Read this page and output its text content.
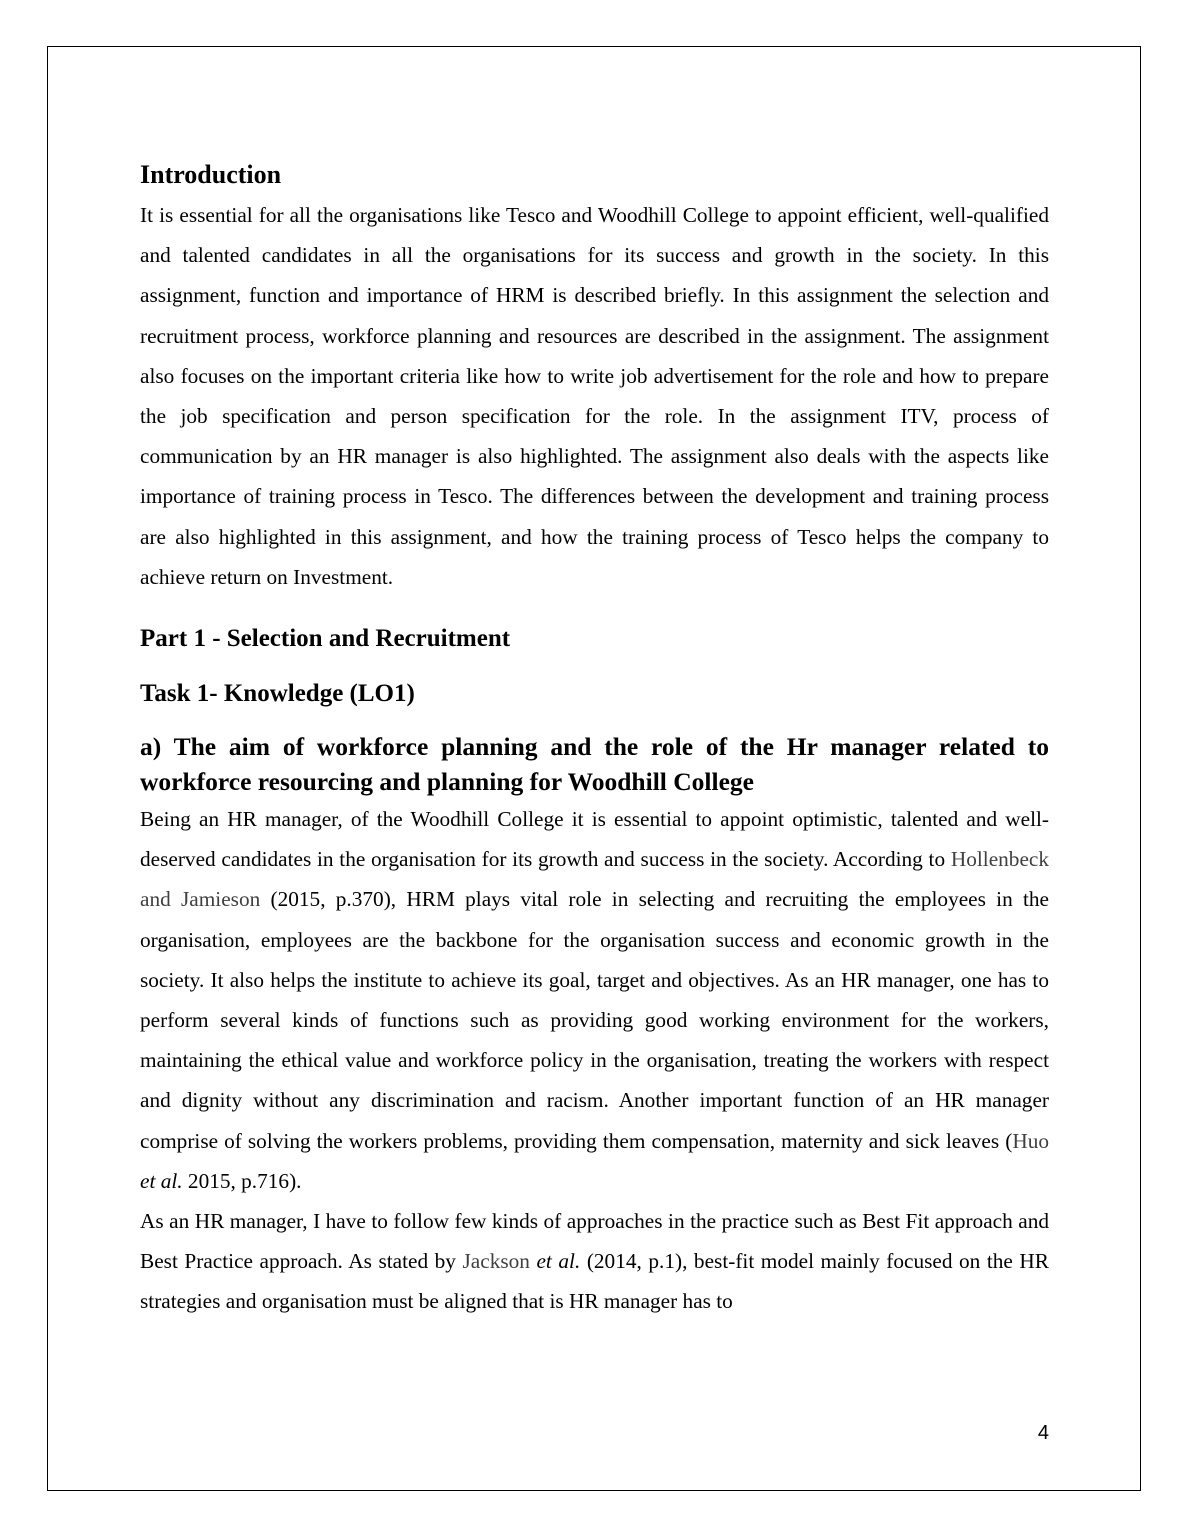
Introduction

It is essential for all the organisations like Tesco and Woodhill College to appoint efficient, well-qualified and talented candidates in all the organisations for its success and growth in the society. In this assignment, function and importance of HRM is described briefly. In this assignment the selection and recruitment process, workforce planning and resources are described in the assignment. The assignment also focuses on the important criteria like how to write job advertisement for the role and how to prepare the job specification and person specification for the role. In the assignment ITV, process of communication by an HR manager is also highlighted. The assignment also deals with the aspects like importance of training process in Tesco. The differences between the development and training process are also highlighted in this assignment, and how the training process of Tesco helps the company to achieve return on Investment.

Part 1 - Selection and Recruitment
Task 1- Knowledge (LO1)
a) The aim of workforce planning and the role of the Hr manager related to workforce resourcing and planning for Woodhill College

Being an HR manager, of the Woodhill College it is essential to appoint optimistic, talented and well-deserved candidates in the organisation for its growth and success in the society. According to Hollenbeck and Jamieson (2015, p.370), HRM plays vital role in selecting and recruiting the employees in the organisation, employees are the backbone for the organisation success and economic growth in the society. It also helps the institute to achieve its goal, target and objectives. As an HR manager, one has to perform several kinds of functions such as providing good working environment for the workers, maintaining the ethical value and workforce policy in the organisation, treating the workers with respect and dignity without any discrimination and racism. Another important function of an HR manager comprise of solving the workers problems, providing them compensation, maternity and sick leaves (Huo et al. 2015, p.716).

As an HR manager, I have to follow few kinds of approaches in the practice such as Best Fit approach and Best Practice approach. As stated by Jackson et al. (2014, p.1), best-fit model mainly focused on the HR strategies and organisation must be aligned that is HR manager has to

4
